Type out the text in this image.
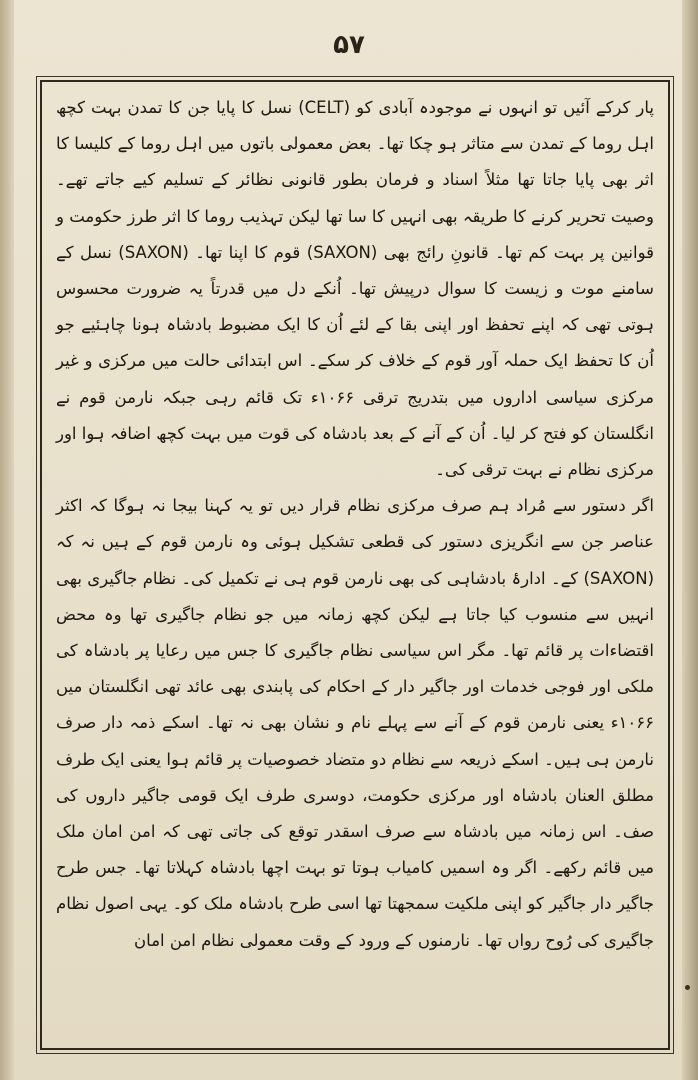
۵۷

پار کرکے آئیں تو انہوں نے موجودہ آبادی کو (CELT) نسل کا پایا جن کا تمدن بہت کچھ اہل روما کے تمدن سے متاثر ہو چکا تھا۔ بعض معمولی باتوں میں اہل روما کے کلیسا کا اثر بھی پایا جاتا تھا مثلاً اسناد و فرمان بطور قانونی نظائر کے تسلیم کیے جاتے تھے۔ وصیت تحریر کرنے کا طریقہ بھی انہیں کا سا تھا لیکن تہذیب روما کا اثر طرز حکومت و قوانین پر بہت کم تھا۔ قانونِ رائج بھی (SAXON) قوم کا اپنا تھا۔ (SAXON) نسل کے سامنے موت و زیست کا سوال درپیش تھا۔ اُنکے دل میں قدرتاً یہ ضرورت محسوس ہوتی تھی کہ اپنے تحفظ اور اپنی بقا کے لئے اُن کا ایک مضبوط بادشاہ ہونا چاہئیے جو اُن کا تحفظ ایک حملہ آور قوم کے خلاف کر سکے۔ اس ابتدائی حالت میں مرکزی و غیر مرکزی سیاسی اداروں میں بتدریج ترقی ۱۰۶۶ء تک قائم رہی جبکہ نارمن قوم نے انگلستان کو فتح کر لیا۔ اُن کے آنے کے بعد بادشاہ کی قوت میں بہت کچھ اضافہ ہوا اور مرکزی نظام نے بہت ترقی کی۔

اگر دستور سے مُراد ہم صرف مرکزی نظام قرار دیں تو یہ کہنا بیجا نہ ہوگا کہ اکثر عناصر جن سے انگریزی دستور کی قطعی تشکیل ہوئی وہ نارمن قوم کے ہیں نہ کہ (SAXON) کے۔ ادارۂ بادشاہی کی بھی نارمن قوم ہی نے تکمیل کی۔ نظام جاگیری بھی انہیں سے منسوب کیا جاتا ہے لیکن کچھ زمانہ میں جو نظام جاگیری تھا وہ محض اقتضاءات پر قائم تھا۔ مگر اس سیاسی نظام جاگیری کا جس میں رعایا پر بادشاہ کی ملکی اور فوجی خدمات اور جاگیر دار کے احکام کی پابندی بھی عائد تھی انگلستان میں ۱۰۶۶ء یعنی نارمن قوم کے آنے سے پہلے نام و نشان بھی نہ تھا۔ اسکے ذمہ دار صرف نارمن ہی ہیں۔ اسکے ذریعہ سے نظام دو متضاد خصوصیات پر قائم ہوا یعنی ایک طرف مطلق العنان بادشاہ اور مرکزی حکومت، دوسری طرف ایک قومی جاگیر داروں کی صف۔ اس زمانہ میں بادشاہ سے صرف اسقدر توقع کی جاتی تھی کہ امن امان ملک میں قائم رکھے۔ اگر وہ اسمیں کامیاب ہوتا تو بہت اچھا بادشاہ کہلاتا تھا۔ جس طرح جاگیر دار جاگیر کو اپنی ملکیت سمجھتا تھا اسی طرح بادشاہ ملک کو۔ یہی اصول نظام جاگیری کی رُوح رواں تھا۔ نارمنوں کے ورود کے وقت معمولی نظام امن امان
